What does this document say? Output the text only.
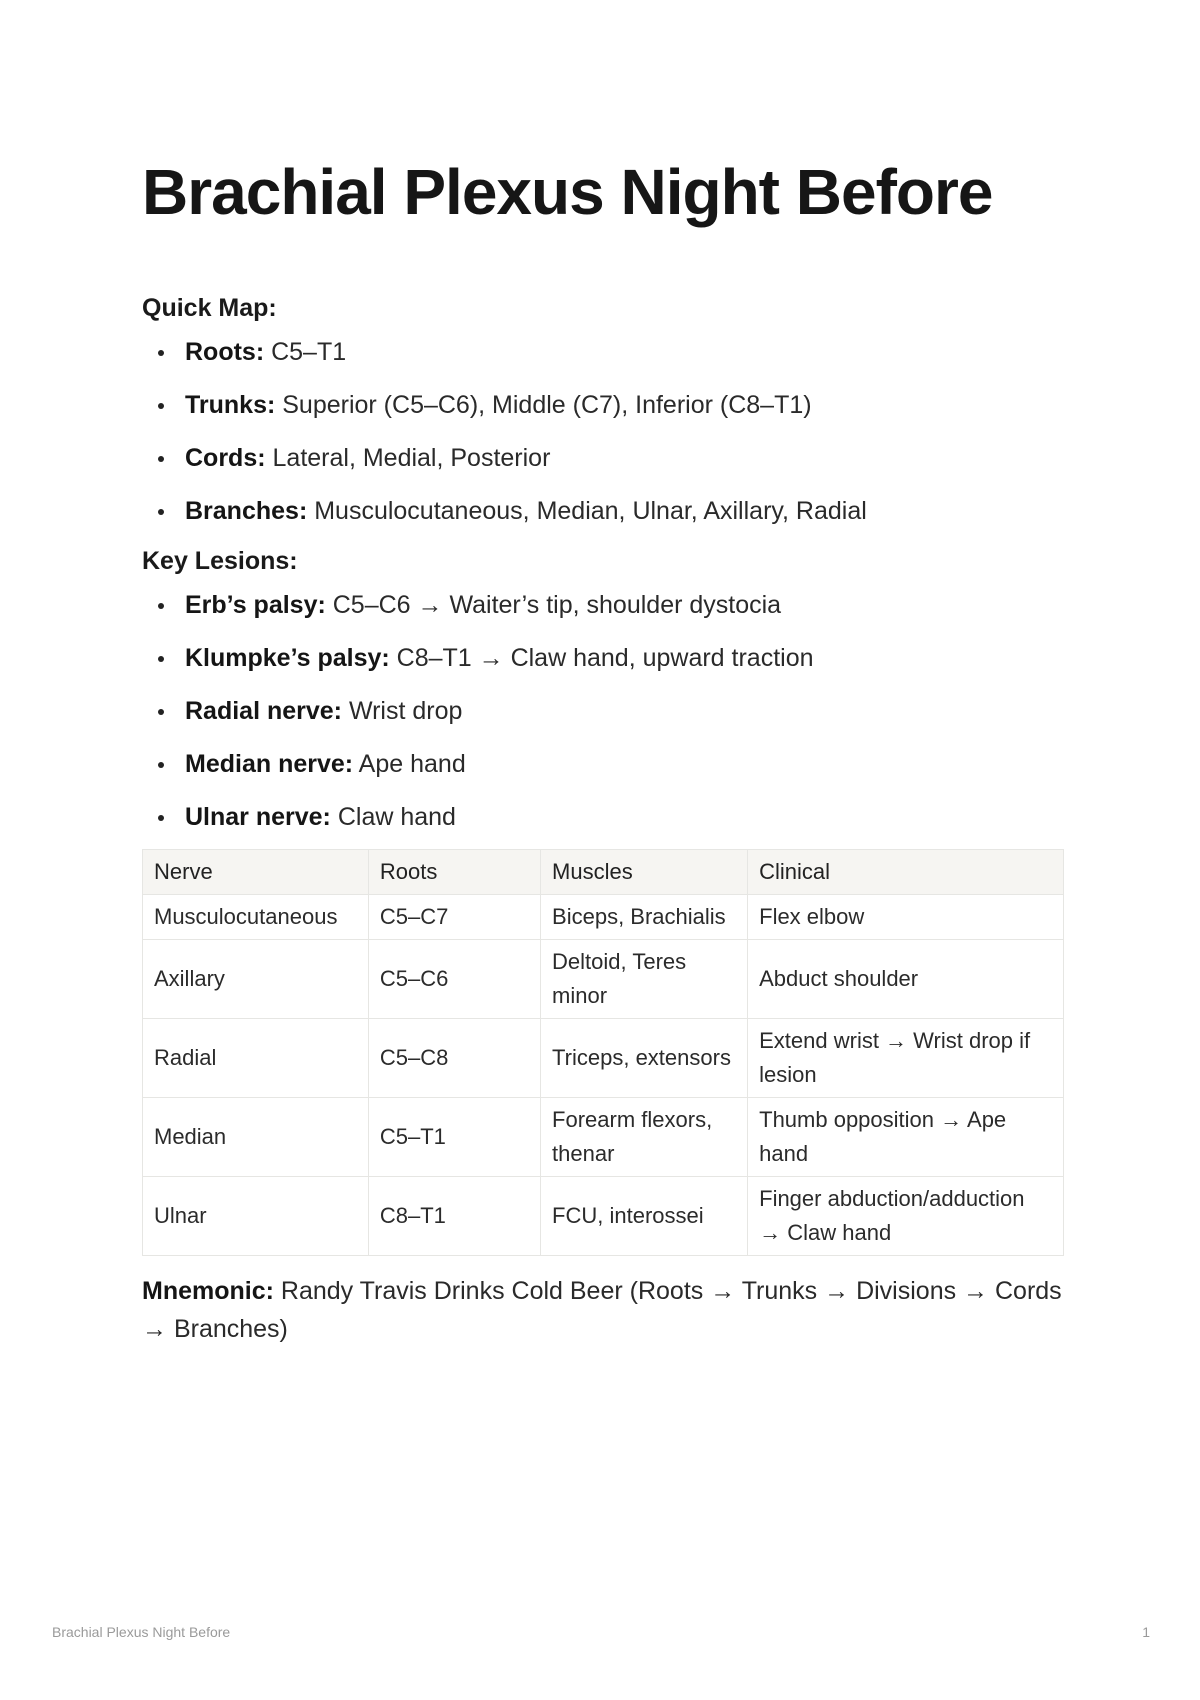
Brachial Plexus Night Before
Quick Map:
Roots: C5–T1
Trunks: Superior (C5–C6), Middle (C7), Inferior (C8–T1)
Cords: Lateral, Medial, Posterior
Branches: Musculocutaneous, Median, Ulnar, Axillary, Radial
Key Lesions:
Erb’s palsy: C5–C6 → Waiter’s tip, shoulder dystocia
Klumpke’s palsy: C8–T1 → Claw hand, upward traction
Radial nerve: Wrist drop
Median nerve: Ape hand
Ulnar nerve: Claw hand
Nerve	Roots	Muscles	Clinical
Musculocutaneous	C5–C7	Biceps, Brachialis	Flex elbow
Axillary	C5–C6	Deltoid, Teres minor	Abduct shoulder
Radial	C5–C8	Triceps, extensors	Extend wrist → Wrist drop if lesion
Median	C5–T1	Forearm flexors, thenar	Thumb opposition → Ape hand
Ulnar	C8–T1	FCU, interossei	Finger abduction/adduction → Claw hand
Mnemonic: Randy Travis Drinks Cold Beer (Roots → Trunks → Divisions → Cords → Branches)
Brachial Plexus Night Before	1
